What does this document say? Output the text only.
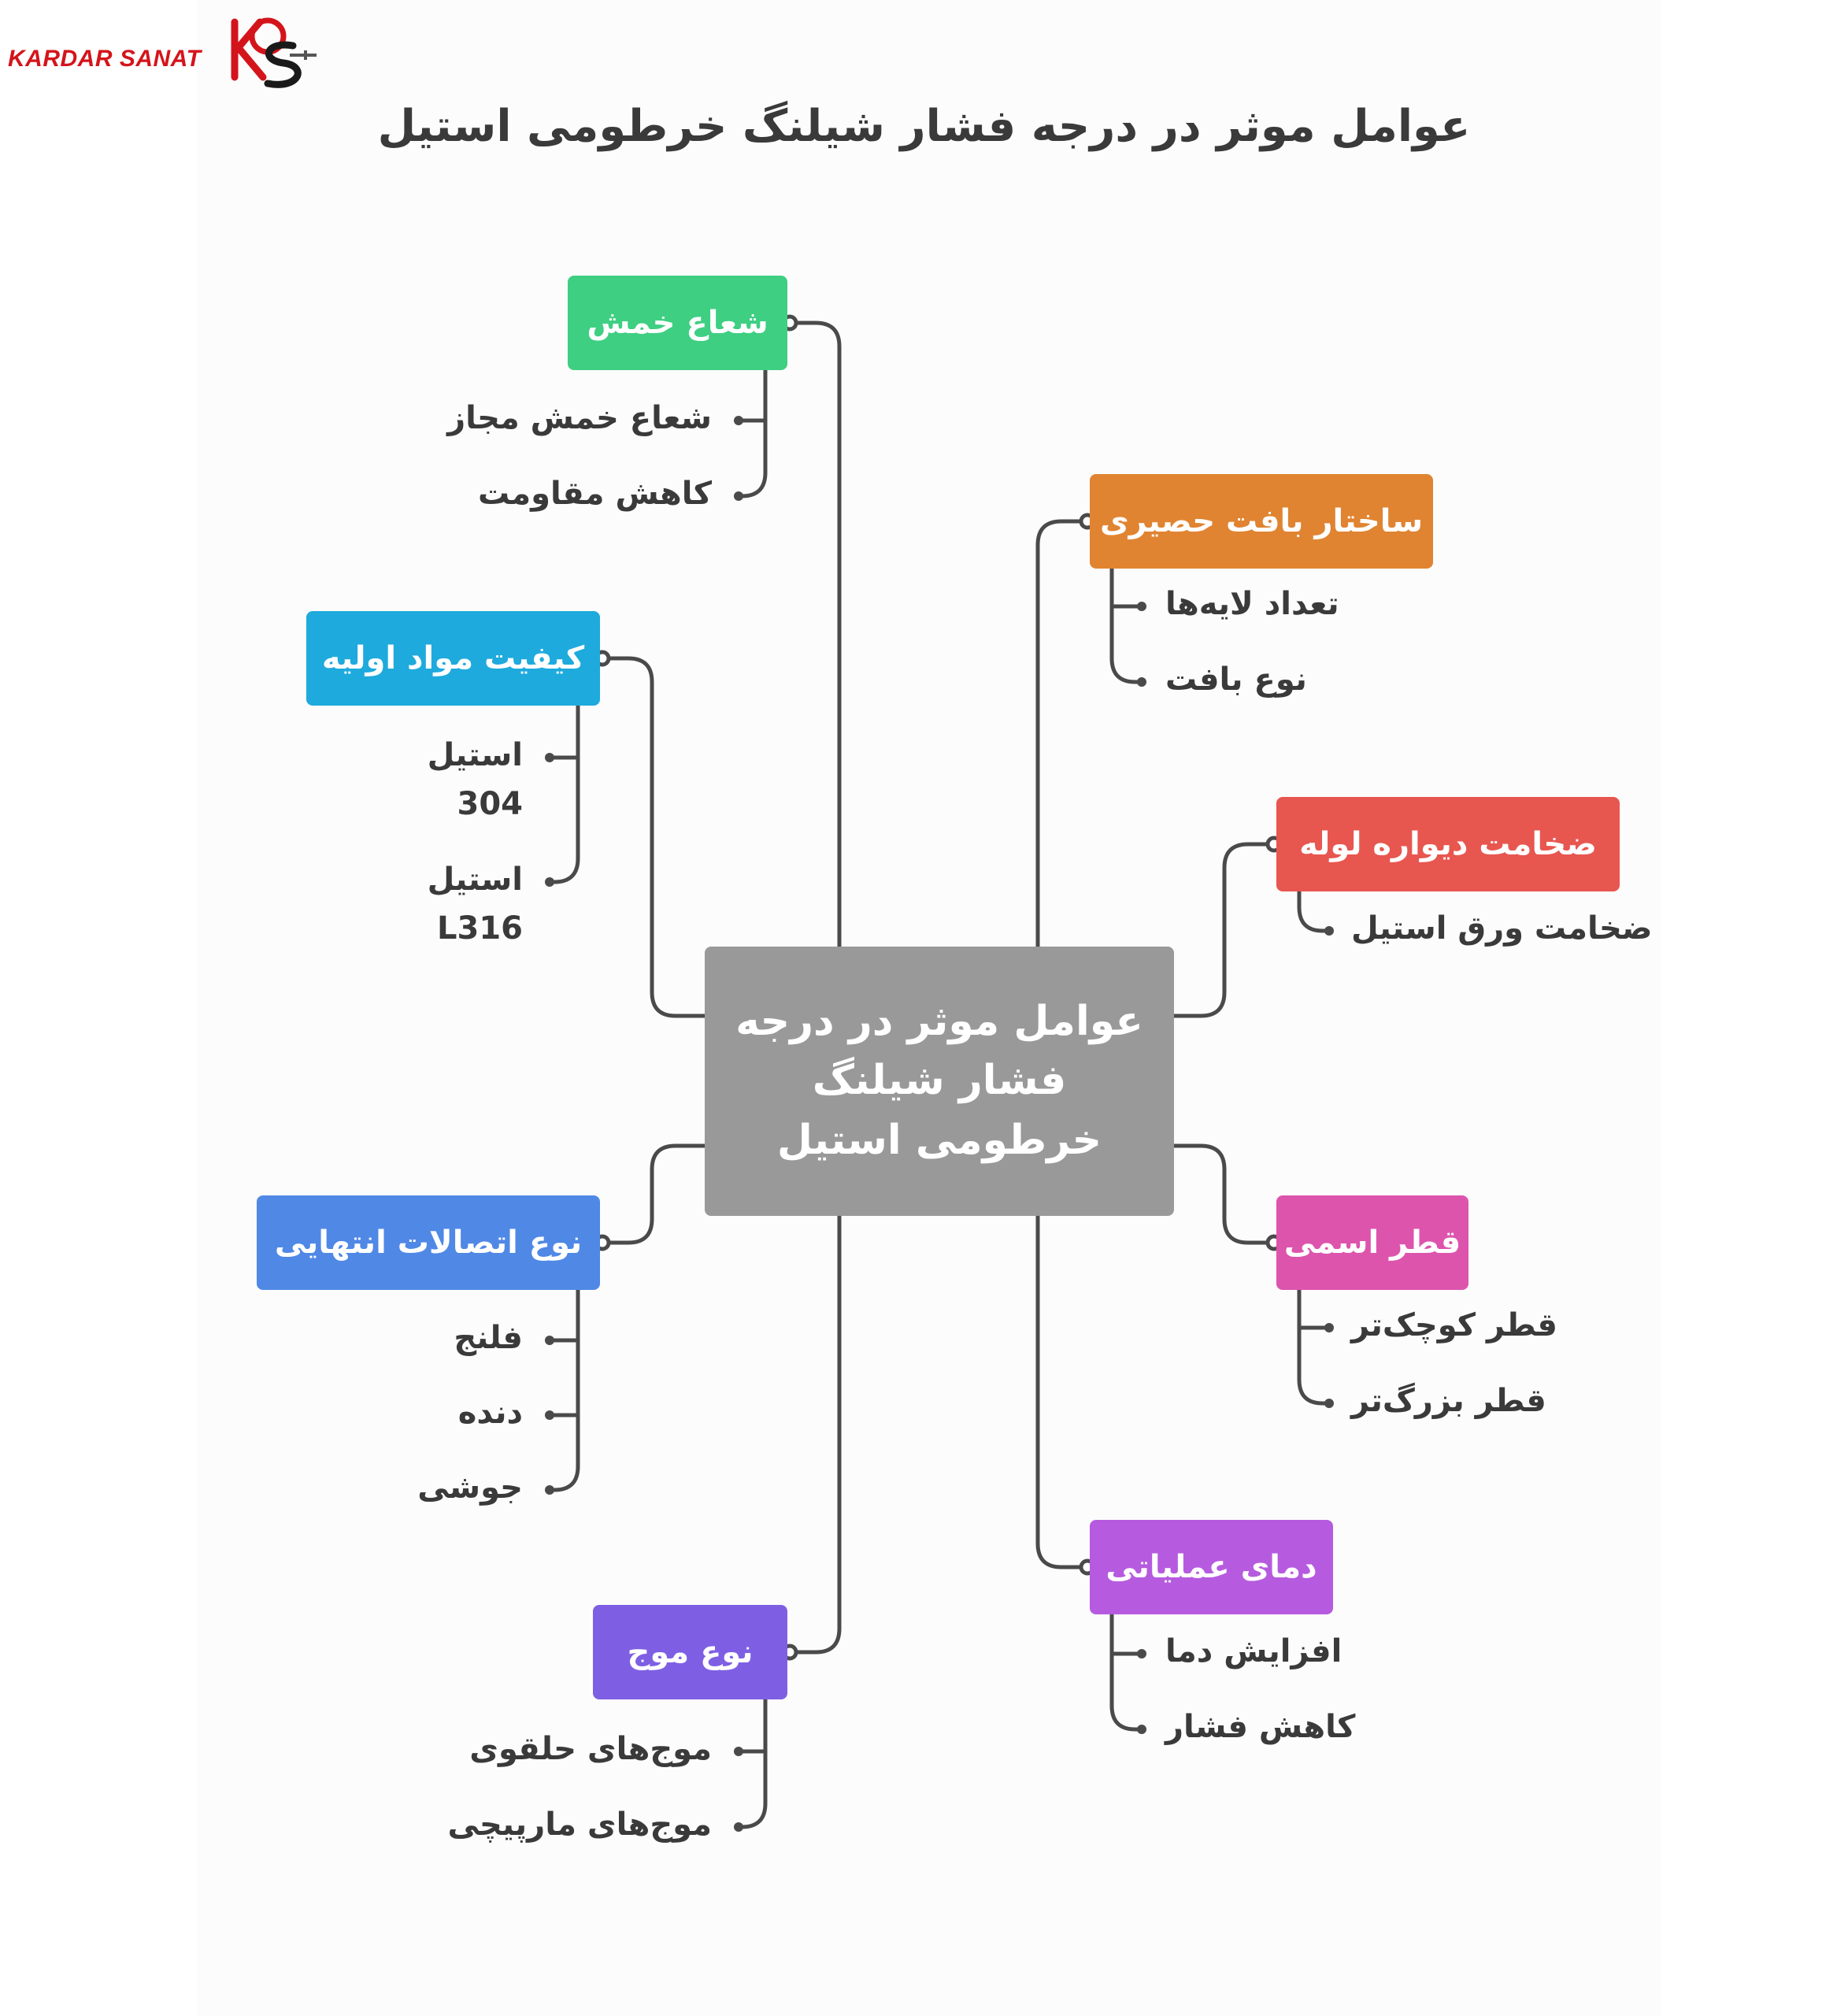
KARDAR SANAT
عوامل موثر در درجه فشار شیلنگ خرطومی استیل
عوامل موثر در درجه فشار شیلنگ خرطومی استیل
شعاع خمش
ساختار بافت حصیری
کیفیت مواد اولیه
ضخامت دیواره لوله
نوع اتصالات انتهایی	قطر اسمی
دمای عملیاتی
نوع موج
شعاع خمش مجاز
کاهش مقاومت
تعداد لایه‌ها
نوع بافت
استیل
304
استیل
L316	ضخامت ورق استیل
فلنج
دنده
جوشی
قطر کوچک‌تر
قطر بزرگ‌تر
افزایش دما
کاهش فشار
موج‌های حلقوی
موج‌های مارپیچی
